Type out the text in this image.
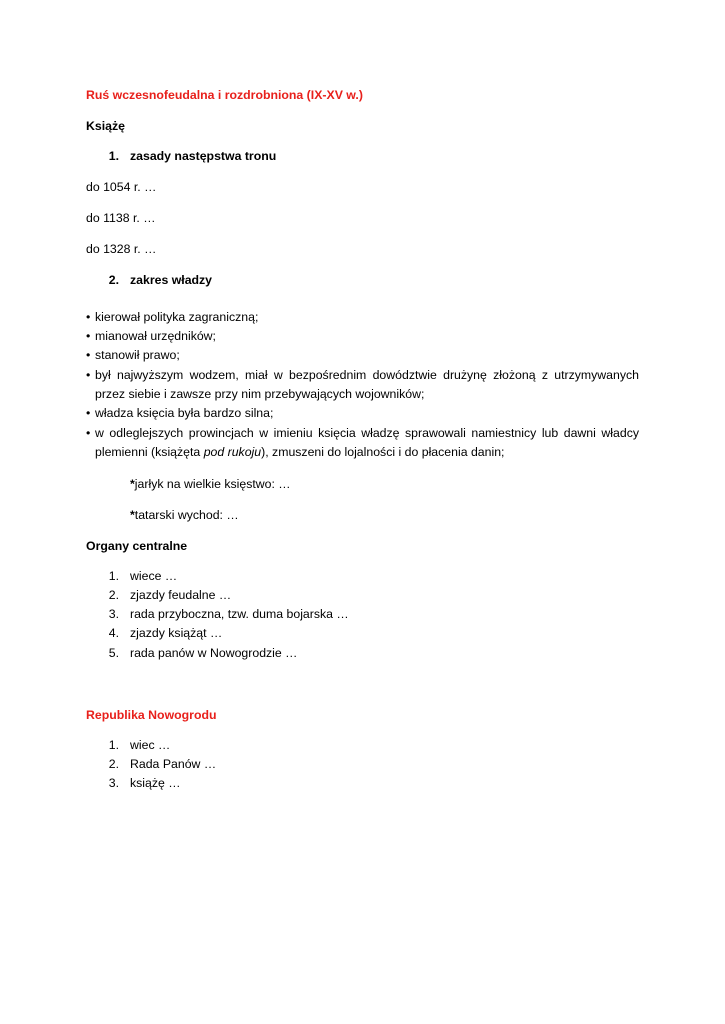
Ruś wczesnofeudalna i rozdrobniona (IX-XV w.)
Książę
1. zasady następstwa tronu
do 1054 r. …
do 1138 r. …
do 1328 r. …
2. zakres władzy
• kierował polityka zagraniczną;
• mianował urzędników;
• stanowił prawo;
• był najwyższym wodzem, miał w bezpośrednim dowództwie drużynę złożoną z utrzymywanych
przez siebie i zawsze przy nim przebywających wojowników;
• władza księcia była bardzo silna;
• w odleglejszych prowincjach w imieniu księcia władzę sprawowali namiestnicy lub dawni władcy
plemienni (książęta pod rukoju), zmuszeni do lojalności i do płacenia danin;
*jarłyk na wielkie księstwo: …
*tatarski wychod: …
Organy centralne
1. wiece …
2. zjazdy feudalne …
3. rada przyboczna, tzw. duma bojarska …
4. zjazdy książąt …
5. rada panów w Nowogrodzie …
Republika Nowogrodu
1. wiec …
2. Rada Panów …
3. książę …
